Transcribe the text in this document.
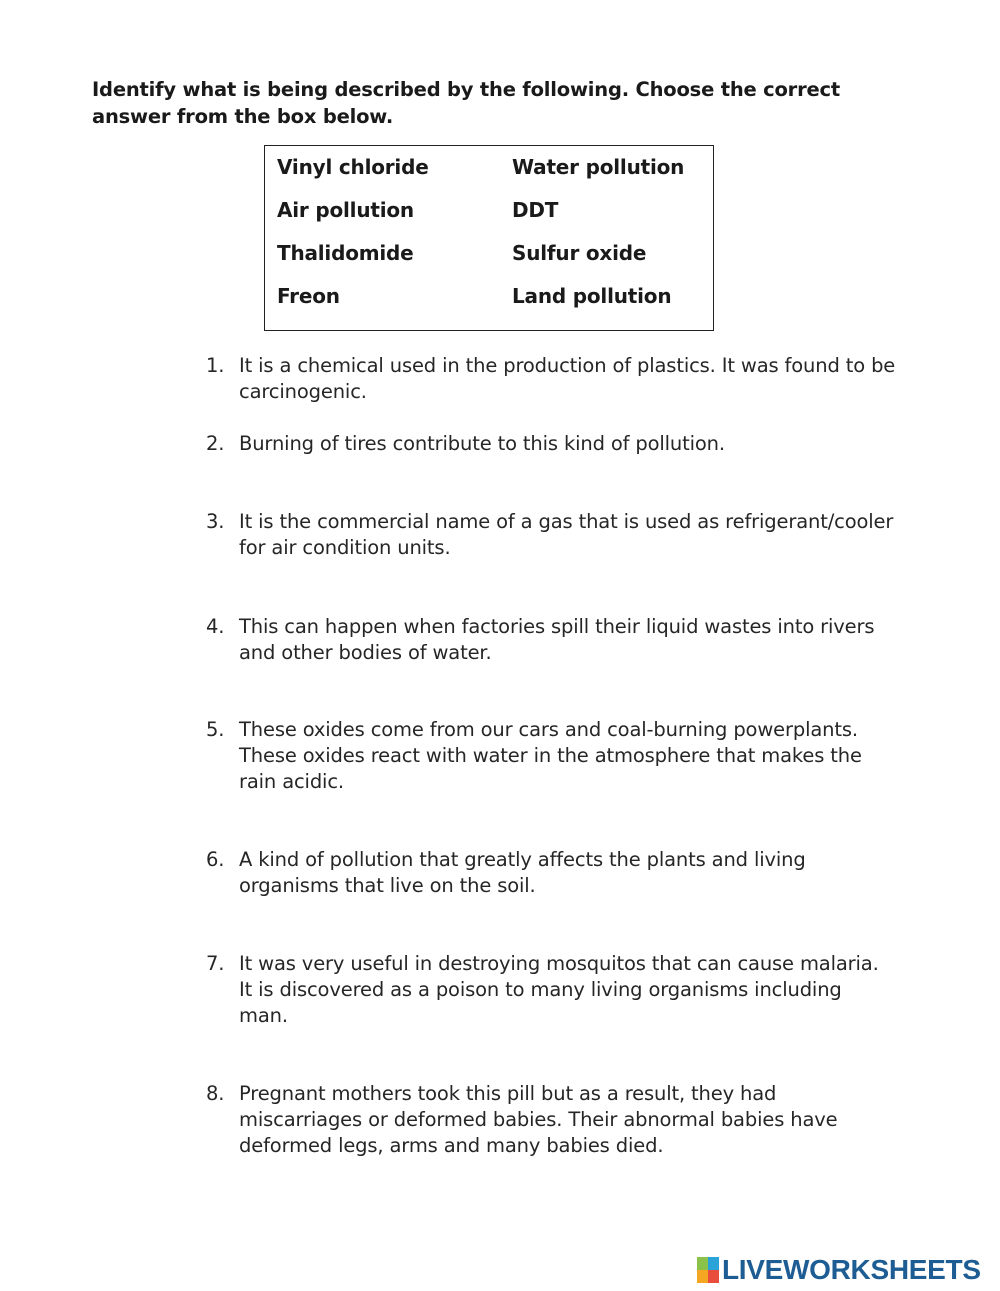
Identify what is being described by the following. Choose the correct answer from the box below.
Vinyl chloride	Water pollution
Air pollution	DDT
Thalidomide	Sulfur oxide
Freon	Land pollution
1. It is a chemical used in the production of plastics. It was found to be carcinogenic.
2. Burning of tires contribute to this kind of pollution.
3. It is the commercial name of a gas that is used as refrigerant/cooler for air condition units.
4. This can happen when factories spill their liquid wastes into rivers and other bodies of water.
5. These oxides come from our cars and coal-burning powerplants. These oxides react with water in the atmosphere that makes the rain acidic.
6. A kind of pollution that greatly affects the plants and living organisms that live on the soil.
7. It was very useful in destroying mosquitos that can cause malaria. It is discovered as a poison to many living organisms including man.
8. Pregnant mothers took this pill but as a result, they had miscarriages or deformed babies. Their abnormal babies have deformed legs, arms and many babies died.
LIVEWORKSHEETS
